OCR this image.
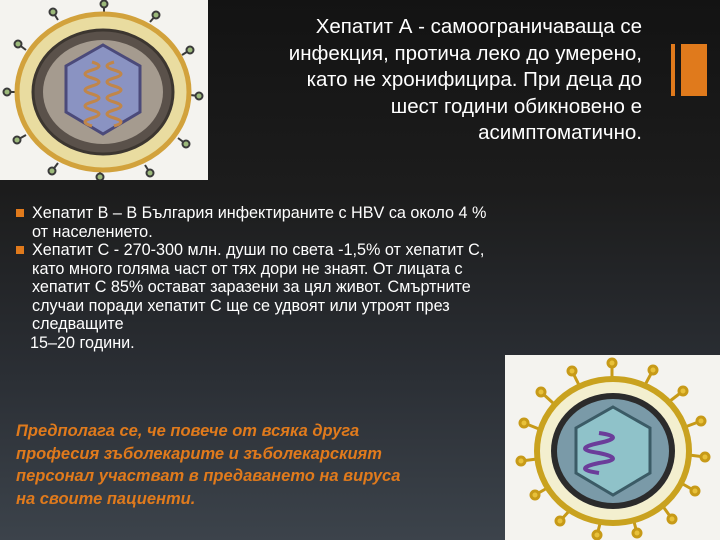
Хепатит А - самоограничаваща се
инфекция, протича леко до умерено,
като не хронифицира. При деца до
шест години обикновено е
асимптоматично.
Хепатит В – В България инфектираните с HBV са около 4 %
от населението.
Хепатит С - 270-300 млн. души по света -1,5% от хепатит С,
като много голяма част от тях дори не знаят. От лицата с
хепатит С 85% остават заразени за цял живот. Смъртните
случаи поради хепатит С ще се удвоят или утроят през
следващите
15–20 години.
Предполага се, че повече от всяка друга
професия зъболекарите и зъболекарският
персонал участват в предаването на вируса
на своите пациенти.
